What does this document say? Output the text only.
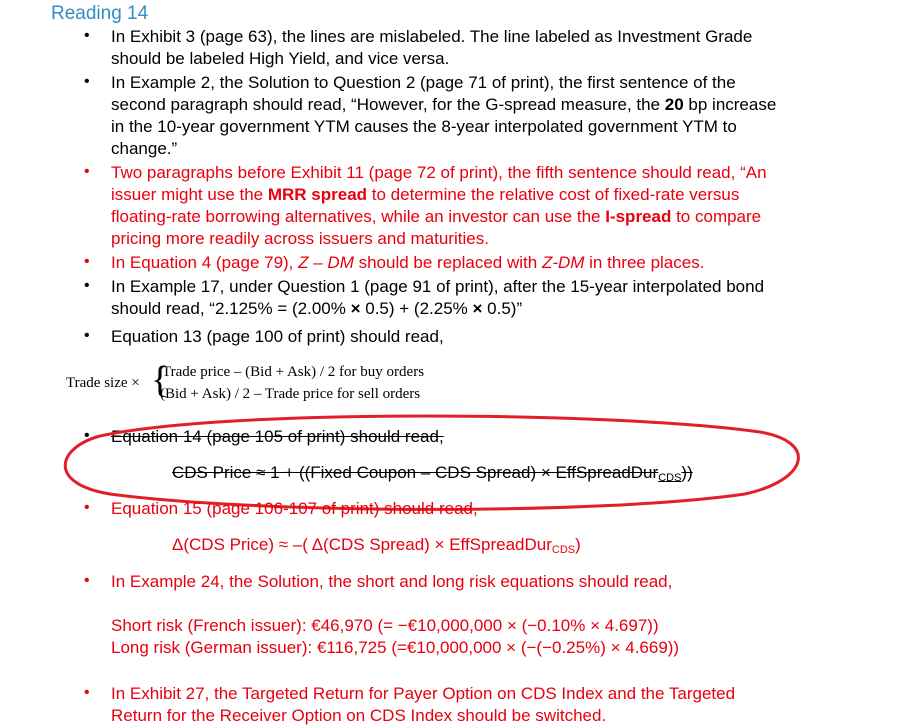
Reading 14
• In Exhibit 3 (page 63), the lines are mislabeled. The line labeled as Investment Grade
should be labeled High Yield, and vice versa.
• In Example 2, the Solution to Question 2 (page 71 of print), the first sentence of the
second paragraph should read, “However, for the G-spread measure, the 20 bp increase
in the 10-year government YTM causes the 8-year interpolated government YTM to
change.”
• Two paragraphs before Exhibit 11 (page 72 of print), the fifth sentence should read, “An
issuer might use the MRR spread to determine the relative cost of fixed-rate versus
floating-rate borrowing alternatives, while an investor can use the I-spread to compare
pricing more readily across issuers and maturities.
• In Equation 4 (page 79), Z – DM should be replaced with Z-DM in three places.
• In Example 17, under Question 1 (page 91 of print), after the 15-year interpolated bond
should read, “2.125% = (2.00% × 0.5) + (2.25% × 0.5)”
• Equation 13 (page 100 of print) should read,
Trade size × {
Trade price – (Bid + Ask) / 2 for buy orders
(Bid + Ask) / 2 – Trade price for sell orders
• Equation 14 (page 105 of print) should read,
CDS Price ≈ 1 + ((Fixed Coupon – CDS Spread) × EffSpreadDur$_{CDS}$))
• Equation 15 (page 106-107 of print) should read,
Δ(CDS Price) ≈ –( Δ(CDS Spread) × EffSpreadDur$_{CDS}$)
• In Example 24, the Solution, the short and long risk equations should read,
Short risk (French issuer): €46,970 (= −€10,000,000 × (−0.10% × 4.697))
Long risk (German issuer): €116,725 (=€10,000,000 × (−(−0.25%) × 4.669))
• In Exhibit 27, the Targeted Return for Payer Option on CDS Index and the Targeted
Return for the Receiver Option on CDS Index should be switched.
